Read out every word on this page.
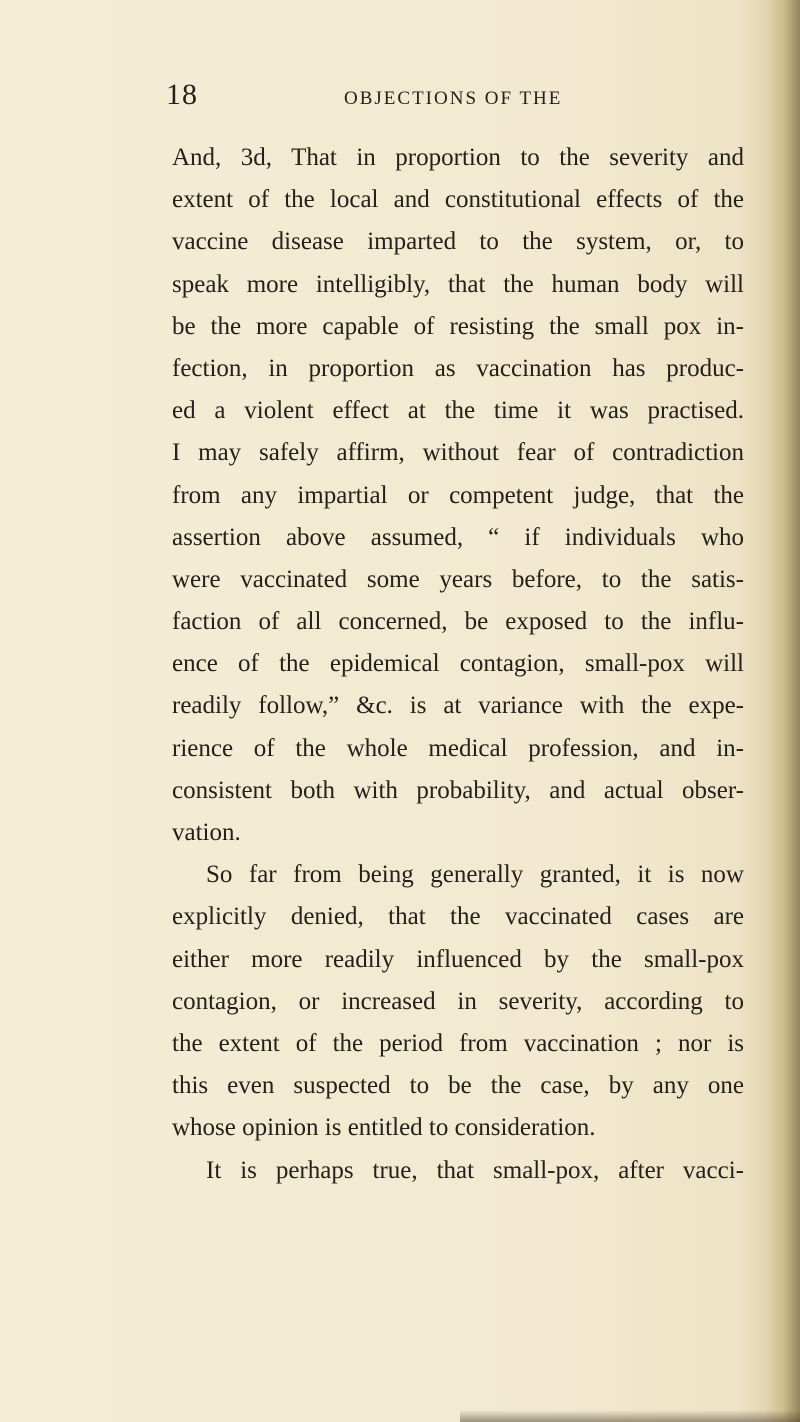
18	OBJECTIONS OF THE
And, 3d, That in proportion to the severity and
extent of the local and constitutional effects of the
vaccine disease imparted to the system, or, to
speak more intelligibly, that the human body will
be the more capable of resisting the small pox in-
fection, in proportion as vaccination has produc-
ed a violent effect at the time it was practised.
I may safely affirm, without fear of contradiction
from any impartial or competent judge, that the
assertion above assumed, “ if individuals who
were vaccinated some years before, to the satis-
faction of all concerned, be exposed to the influ-
ence of the epidemical contagion, small-pox will
readily follow,” &c. is at variance with the expe-
rience of the whole medical profession, and in-
consistent both with probability, and actual obser-
vation.
So far from being generally granted, it is now
explicitly denied, that the vaccinated cases are
either more readily influenced by the small-pox
contagion, or increased in severity, according to
the extent of the period from vaccination ; nor is
this even suspected to be the case, by any one
whose opinion is entitled to consideration.
It is perhaps true, that small-pox, after vacci-
